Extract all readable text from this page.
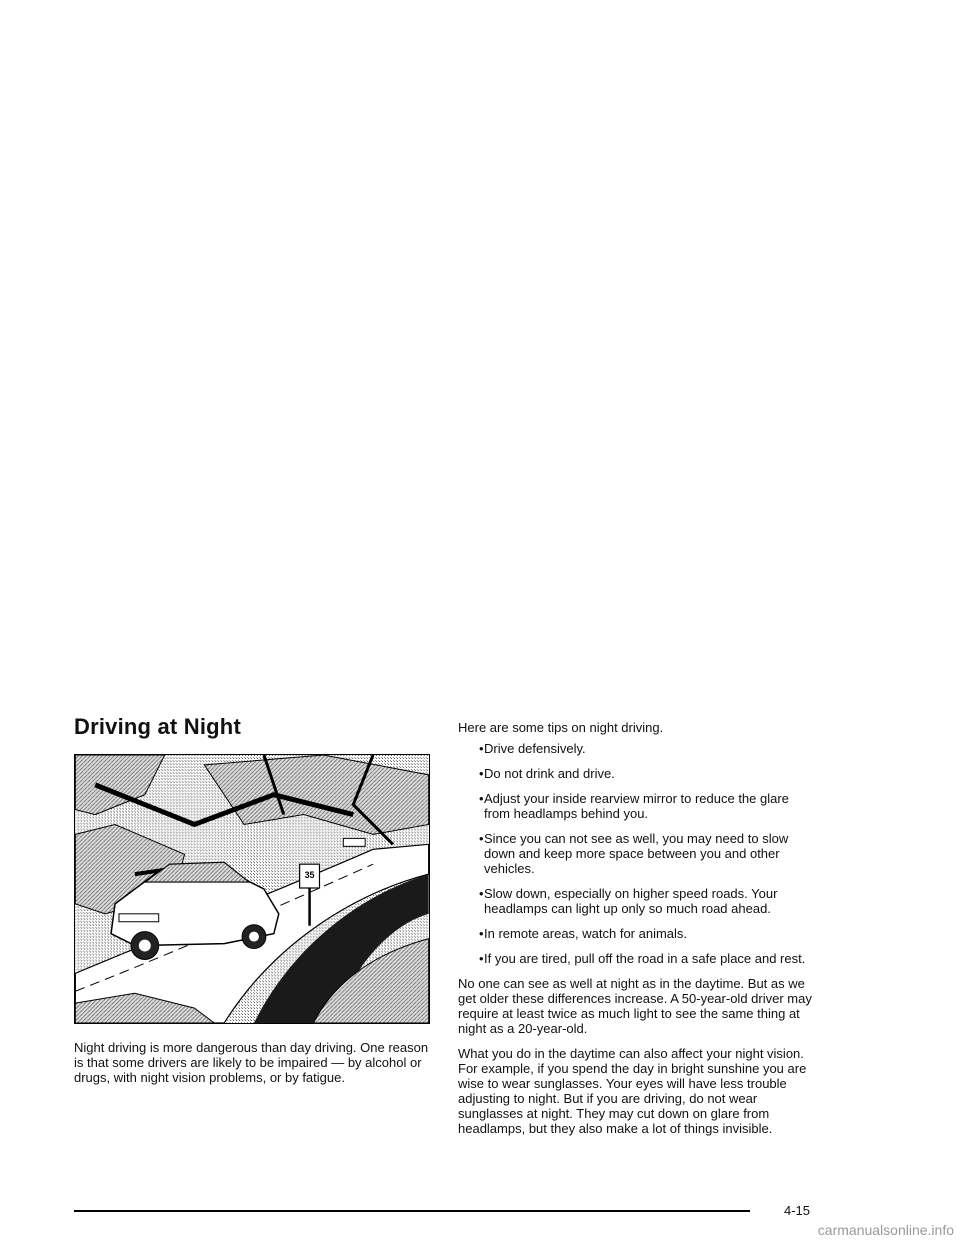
Driving at Night
35

Night driving is more dangerous than day driving. One reason is that some drivers are likely to be impaired — by alcohol or drugs, with night vision problems, or by fatigue.

Here are some tips on night driving.

• Drive defensively.
• Do not drink and drive.
• Adjust your inside rearview mirror to reduce the glare from headlamps behind you.
• Since you can not see as well, you may need to slow down and keep more space between you and other vehicles.
• Slow down, especially on higher speed roads. Your headlamps can light up only so much road ahead.
• In remote areas, watch for animals.
• If you are tired, pull off the road in a safe place and rest.

No one can see as well at night as in the daytime. But as we get older these differences increase. A 50-year-old driver may require at least twice as much light to see the same thing at night as a 20-year-old.

What you do in the daytime can also affect your night vision. For example, if you spend the day in bright sunshine you are wise to wear sunglasses. Your eyes will have less trouble adjusting to night. But if you are driving, do not wear sunglasses at night. They may cut down on glare from headlamps, but they also make a lot of things invisible.

4-15
carmanualsonline.info
